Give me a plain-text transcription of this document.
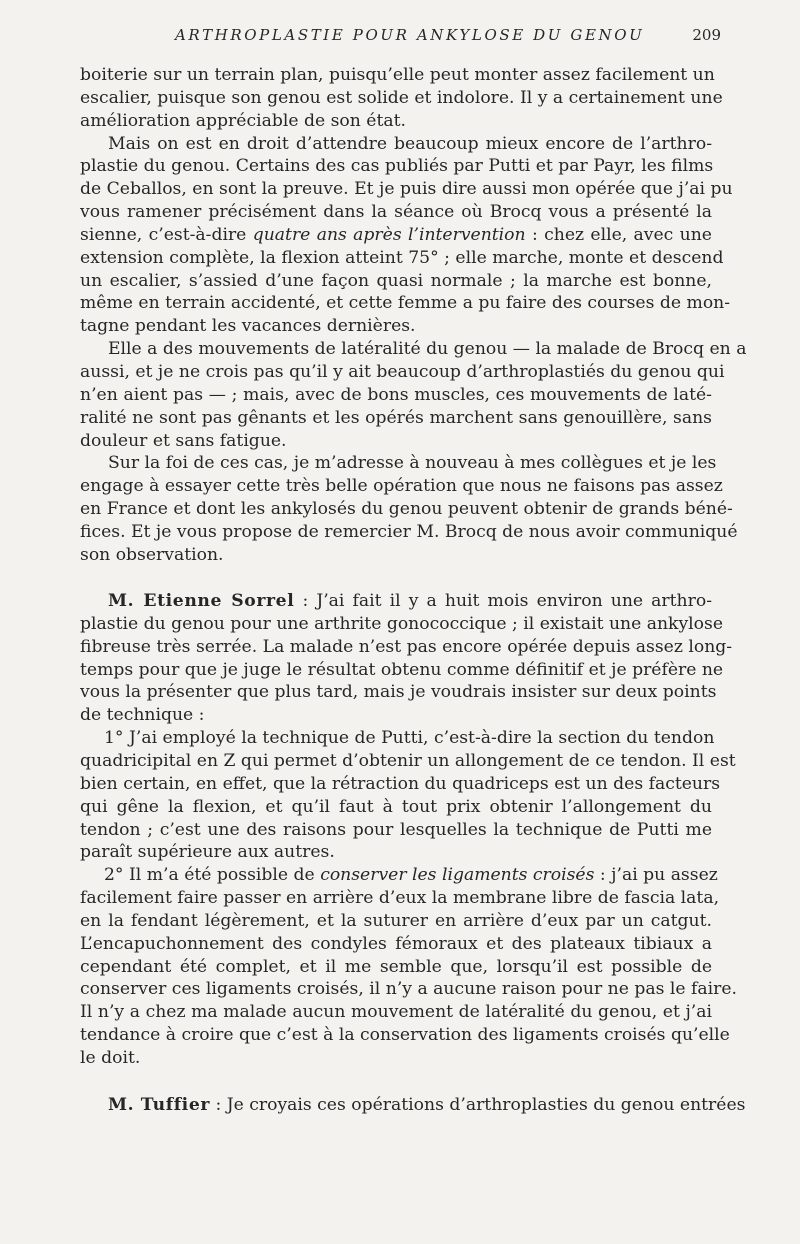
ARTHROPLASTIE POUR ANKYLOSE DU GENOU	209
boiterie sur un terrain plan, puisqu’elle peut monter assez facilement un
escalier, puisque son genou est solide et indolore. Il y a certainement une
amélioration appréciable de son état.
Mais on est en droit d’attendre beaucoup mieux encore de l’arthro-
plastie du genou. Certains des cas publiés par Putti et par Payr, les films
de Ceballos, en sont la preuve. Et je puis dire aussi mon opérée que j’ai pu
vous ramener précisément dans la séance où Brocq vous a présenté la
sienne, c’est-à-dire quatre ans après l’intervention : chez elle, avec une
extension complète, la flexion atteint 75° ; elle marche, monte et descend
un escalier, s’assied d’une façon quasi normale ; la marche est bonne,
même en terrain accidenté, et cette femme a pu faire des courses de mon-
tagne pendant les vacances dernières.
Elle a des mouvements de latéralité du genou — la malade de Brocq en a
aussi, et je ne crois pas qu’il y ait beaucoup d’arthroplastiés du genou qui
n’en aient pas — ; mais, avec de bons muscles, ces mouvements de laté-
ralité ne sont pas gênants et les opérés marchent sans genouillère, sans
douleur et sans fatigue.
Sur la foi de ces cas, je m’adresse à nouveau à mes collègues et je les
engage à essayer cette très belle opération que nous ne faisons pas assez
en France et dont les ankylosés du genou peuvent obtenir de grands béné-
fices. Et je vous propose de remercier M. Brocq de nous avoir communiqué
son observation.
M. Etienne Sorrel : J’ai fait il y a huit mois environ une arthro-
plastie du genou pour une arthrite gonococcique ; il existait une ankylose
fibreuse très serrée. La malade n’est pas encore opérée depuis assez long-
temps pour que je juge le résultat obtenu comme définitif et je préfère ne
vous la présenter que plus tard, mais je voudrais insister sur deux points
de technique :
1° J’ai employé la technique de Putti, c’est-à-dire la section du tendon
quadricipital en Z qui permet d’obtenir un allongement de ce tendon. Il est
bien certain, en effet, que la rétraction du quadriceps est un des facteurs
qui gêne la flexion, et qu’il faut à tout prix obtenir l’allongement du
tendon ; c’est une des raisons pour lesquelles la technique de Putti me
paraît supérieure aux autres.
2° Il m’a été possible de conserver les ligaments croisés : j’ai pu assez
facilement faire passer en arrière d’eux la membrane libre de fascia lata,
en la fendant légèrement, et la suturer en arrière d’eux par un catgut.
L’encapuchonnement des condyles fémoraux et des plateaux tibiaux a
cependant été complet, et il me semble que, lorsqu’il est possible de
conserver ces ligaments croisés, il n’y a aucune raison pour ne pas le faire.
Il n’y a chez ma malade aucun mouvement de latéralité du genou, et j’ai
tendance à croire que c’est à la conservation des ligaments croisés qu’elle
le doit.
M. Tuffier : Je croyais ces opérations d’arthroplasties du genou entrées
